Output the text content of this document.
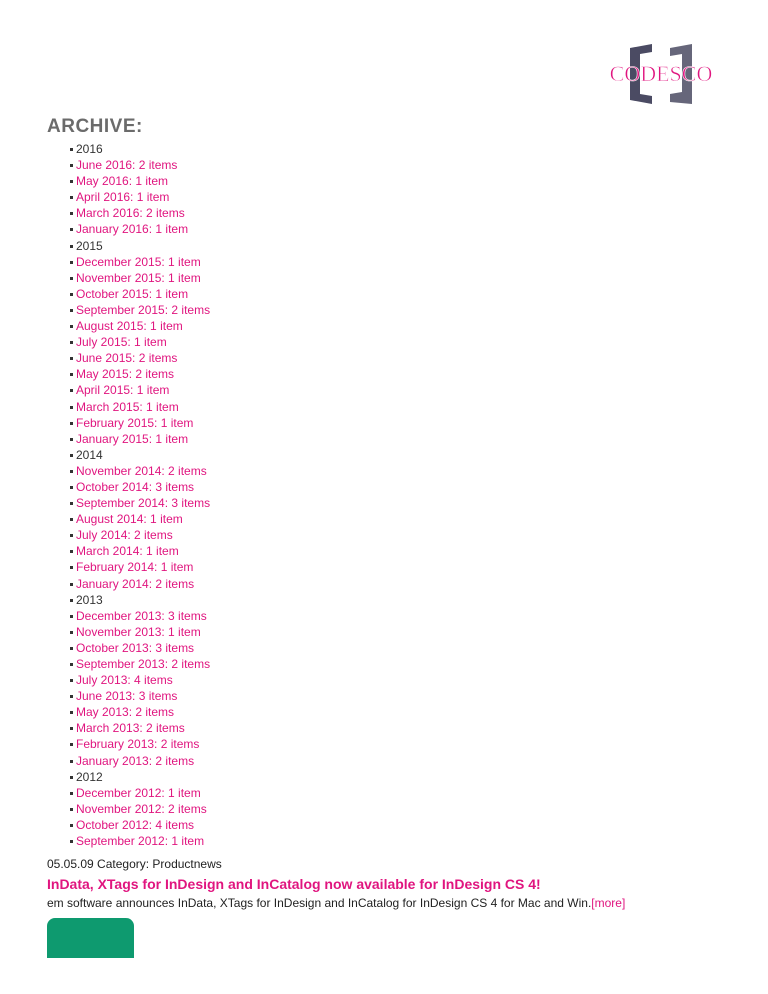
CODESCO
ARCHIVE:
2016
June 2016: 2 items
May 2016: 1 item
April 2016: 1 item
March 2016: 2 items
January 2016: 1 item
2015
December 2015: 1 item
November 2015: 1 item
October 2015: 1 item
September 2015: 2 items
August 2015: 1 item
July 2015: 1 item
June 2015: 2 items
May 2015: 2 items
April 2015: 1 item
March 2015: 1 item
February 2015: 1 item
January 2015: 1 item
2014
November 2014: 2 items
October 2014: 3 items
September 2014: 3 items
August 2014: 1 item
July 2014: 2 items
March 2014: 1 item
February 2014: 1 item
January 2014: 2 items
2013
December 2013: 3 items
November 2013: 1 item
October 2013: 3 items
September 2013: 2 items
July 2013: 4 items
June 2013: 3 items
May 2013: 2 items
March 2013: 2 items
February 2013: 2 items
January 2013: 2 items
2012
December 2012: 1 item
November 2012: 2 items
October 2012: 4 items
September 2012: 1 item
05.05.09 Category: Productnews
InData, XTags for InDesign and InCatalog now available for InDesign CS 4!
em software announces InData, XTags for InDesign and InCatalog for InDesign CS 4 for Mac and Win.[more]
